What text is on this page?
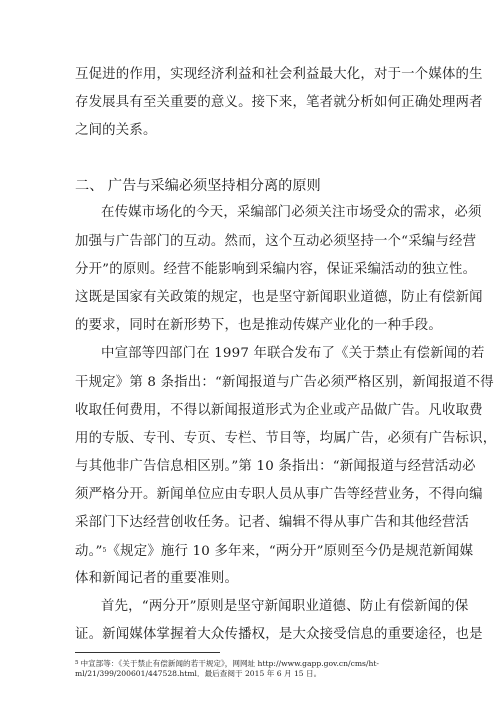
互促进的作用，实现经济利益和社会利益最大化，对于一个媒体的生
存发展具有至关重要的意义。接下来，笔者就分析如何正确处理两者
之间的关系。
二、 广告与采编必须坚持相分离的原则
在传媒市场化的今天，采编部门必须关注市场受众的需求，必须
加强与广告部门的互动。然而，这个互动必须坚持一个“采编与经营
分开”的原则。经营不能影响到采编内容，保证采编活动的独立性。
这既是国家有关政策的规定，也是坚守新闻职业道德，防止有偿新闻
的要求，同时在新形势下，也是推动传媒产业化的一种手段。
中宣部等四部门在 1997 年联合发布了《关于禁止有偿新闻的若
干规定》第 8 条指出：“新闻报道与广告必须严格区别，新闻报道不得
收取任何费用，不得以新闻报道形式为企业或产品做广告。凡收取费
用的专版、专刊、专页、专栏、节目等，均属广告，必须有广告标识，
与其他非广告信息相区别。”第 10 条指出：“新闻报道与经营活动必
须严格分开。新闻单位应由专职人员从事广告等经营业务，不得向编
采部门下达经营创收任务。记者、编辑不得从事广告和其他经营活
动。”$^5$《规定》施行 10 多年来，“两分开”原则至今仍是规范新闻媒
体和新闻记者的重要准则。
首先，“两分开”原则是坚守新闻职业道德、防止有偿新闻的保
证。新闻媒体掌握着大众传播权，是大众接受信息的重要途径，也是
$^5$ 中宣部等：《关于禁止有偿新闻的若干规定》，网网址 http://www.gapp.gov.cn/cms/ht-
ml/21/399/200601/447528.html．最后查阅于 2015 年 6 月 15 日。
